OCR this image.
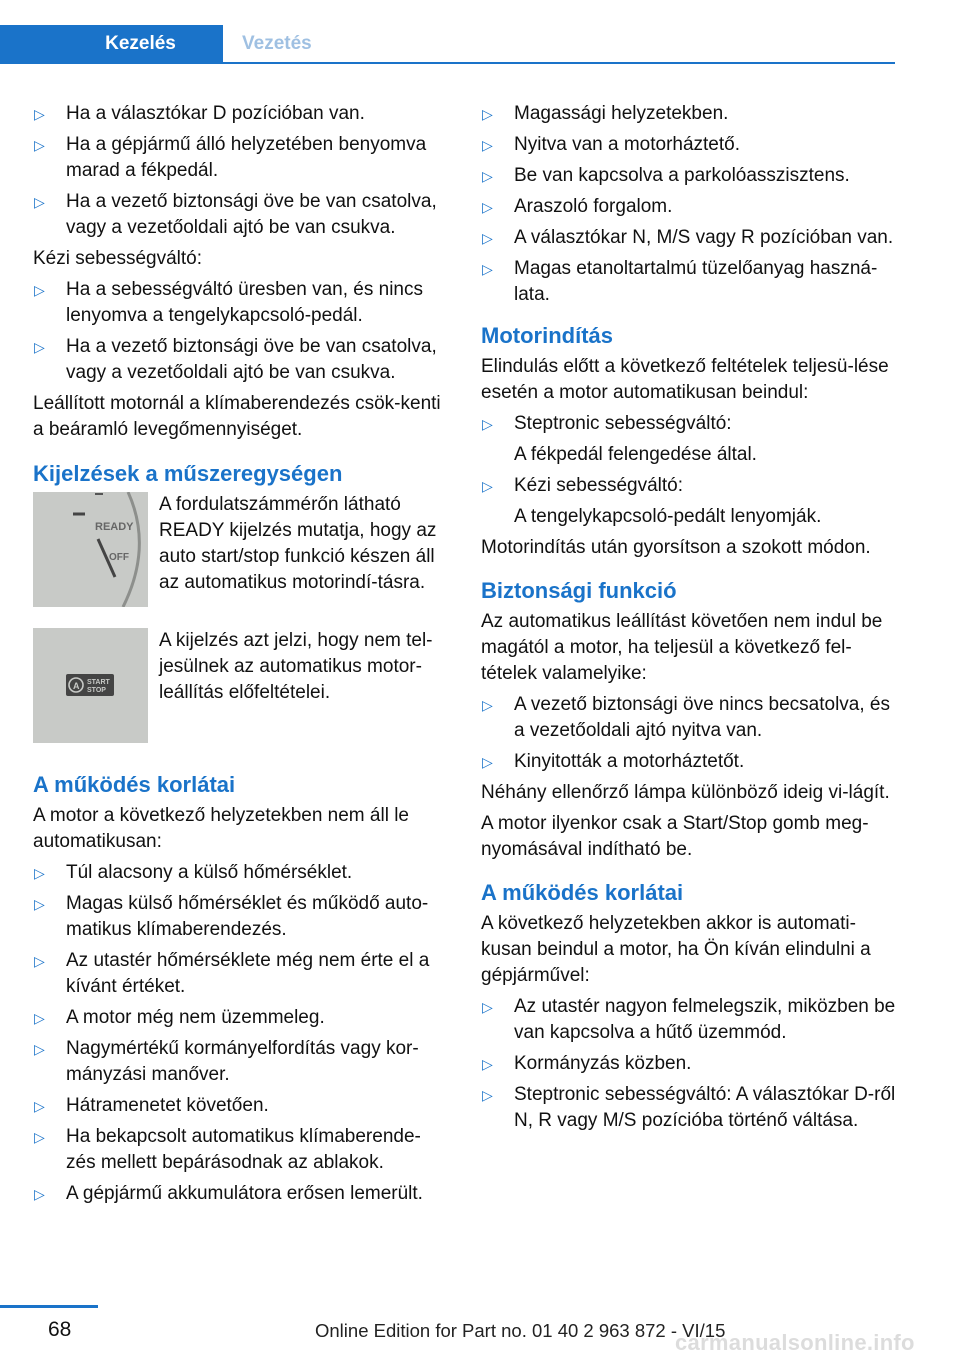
Kezelés	Vezetés
▷ Ha a választókar D pozícióban van.
▷ Ha a gépjármű álló helyzetében benyomva marad a fékpedál.
▷ Ha a vezető biztonsági öve be van csatolva, vagy a vezetőoldali ajtó be van csukva.

Kézi sebességváltó:

▷ Ha a sebességváltó üresben van, és nincs lenyomva a tengelykapcsoló-pedál.
▷ Ha a vezető biztonsági öve be van csatolva, vagy a vezetőoldali ajtó be van csukva.

Leállított motornál a klímaberendezés csök-kenti a beáramló levegőmennyiséget.

Kijelzések a műszeregységen
READY
OFF
A fordulatszámmérőn látható READY kijelzés mutatja, hogy az auto start/stop funkció készen áll az automatikus motorindí-tásra.
A START
STOP
A kijelzés azt jelzi, hogy nem tel-jesülnek az automatikus motor-leállítás előfeltételei.
A működés korlátai

A motor a következő helyzetekben nem áll le automatikusan:

▷ Túl alacsony a külső hőmérséklet.
▷ Magas külső hőmérséklet és működő auto-matikus klímaberendezés.
▷ Az utastér hőmérséklete még nem érte el a kívánt értéket.
▷ A motor még nem üzemmeleg.
▷ Nagymértékű kormányelfordítás vagy kor-mányzási manőver.
▷ Hátramenetet követően.
▷ Ha bekapcsolt automatikus klímaberende-zés mellett bepárásodnak az ablakok.
▷ A gépjármű akkumulátora erősen lemerült.
▷ Magassági helyzetekben.
▷ Nyitva van a motorháztető.
▷ Be van kapcsolva a parkolóasszisztens.
▷ Araszoló forgalom.
▷ A választókar N, M/S vagy R pozícióban van.
▷ Magas etanoltartalmú tüzelőanyag haszná-lata.
Motorindítás

Elindulás előtt a következő feltételek teljesü-lése esetén a motor automatikusan beindul:

▷ Steptronic sebességváltó:
A fékpedál felengedése által.
▷ Kézi sebességváltó:
A tengelykapcsoló-pedált lenyomják.

Motorindítás után gyorsítson a szokott módon.

Biztonsági funkció

Az automatikus leállítást követően nem indul be magától a motor, ha teljesül a következő fel-tételek valamelyike:

▷ A vezető biztonsági öve nincs becsatolva, és a vezetőoldali ajtó nyitva van.
▷ Kinyitották a motorháztetőt.

Néhány ellenőrző lámpa különböző ideig vi-lágít.

A motor ilyenkor csak a Start/Stop gomb meg-nyomásával indítható be.

A működés korlátai

A következő helyzetekben akkor is automati-kusan beindul a motor, ha Ön kíván elindulni a gépjárművel:

▷ Az utastér nagyon felmelegszik, miközben be van kapcsolva a hűtő üzemmód.
▷ Kormányzás közben.
▷ Steptronic sebességváltó: A választókar D-ről N, R vagy M/S pozícióba történő váltása.
68	Online Edition for Part no. 01 40 2 963 872 - VI/15
carmanualsonline.info
